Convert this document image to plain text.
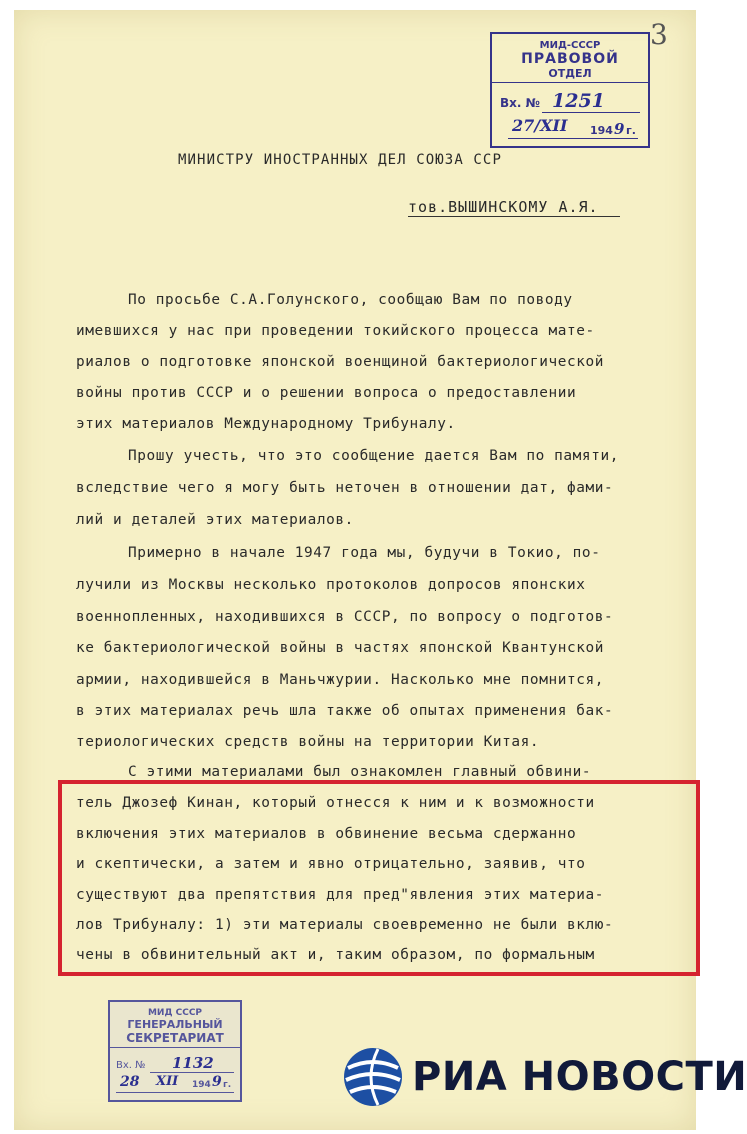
3
МИД-СССР
ПРАВОВОЙ
ОТДЕЛ
Вх. № 1251
27/XII 194 9 г.
МИНИСТРУ ИНОСТРАННЫХ ДЕЛ СОЮЗА ССР
тов.ВЫШИНСКОМУ А.Я.
По просьбе С.А.Голунского, сообщаю Вам по поводу
имевшихся у нас при проведении токийского процесса мате-
риалов о подготовке японской военщиной бактериологической
войны против СССР и о решении вопроса о предоставлении
этих материалов Международному Трибуналу.
Прошу учесть, что это сообщение дается Вам по памяти,
вследствие чего я могу быть неточен в отношении дат, фами-
лий и деталей этих материалов.
Примерно в начале 1947 года мы, будучи в Токио, по-
лучили из Москвы несколько протоколов допросов японских
военнопленных, находившихся в СССР, по вопросу о подготов-
ке бактериологической войны в частях японской Квантунской
армии, находившейся в Маньчжурии. Насколько мне помнится,
в этих материалах речь шла также об опытах применения бак-
териологических средств войны на территории Китая.
С этими материалами был ознакомлен главный обвини-
тель Джозеф Кинан, который отнесся к ним и к возможности
включения этих материалов в обвинение весьма сдержанно
и скептически, а затем и явно отрицательно, заявив, что
существуют два препятствия для пред"явления этих материа-
лов Трибуналу: 1) эти материалы своевременно не были вклю-
чены в обвинительный акт и, таким образом, по формальным
МИД СССР
ГЕНЕРАЛЬНЫЙ
СЕКРЕТАРИАТ
Вх. № 1132
28 XII 194 9 г.	РИА НОВОСТИ
